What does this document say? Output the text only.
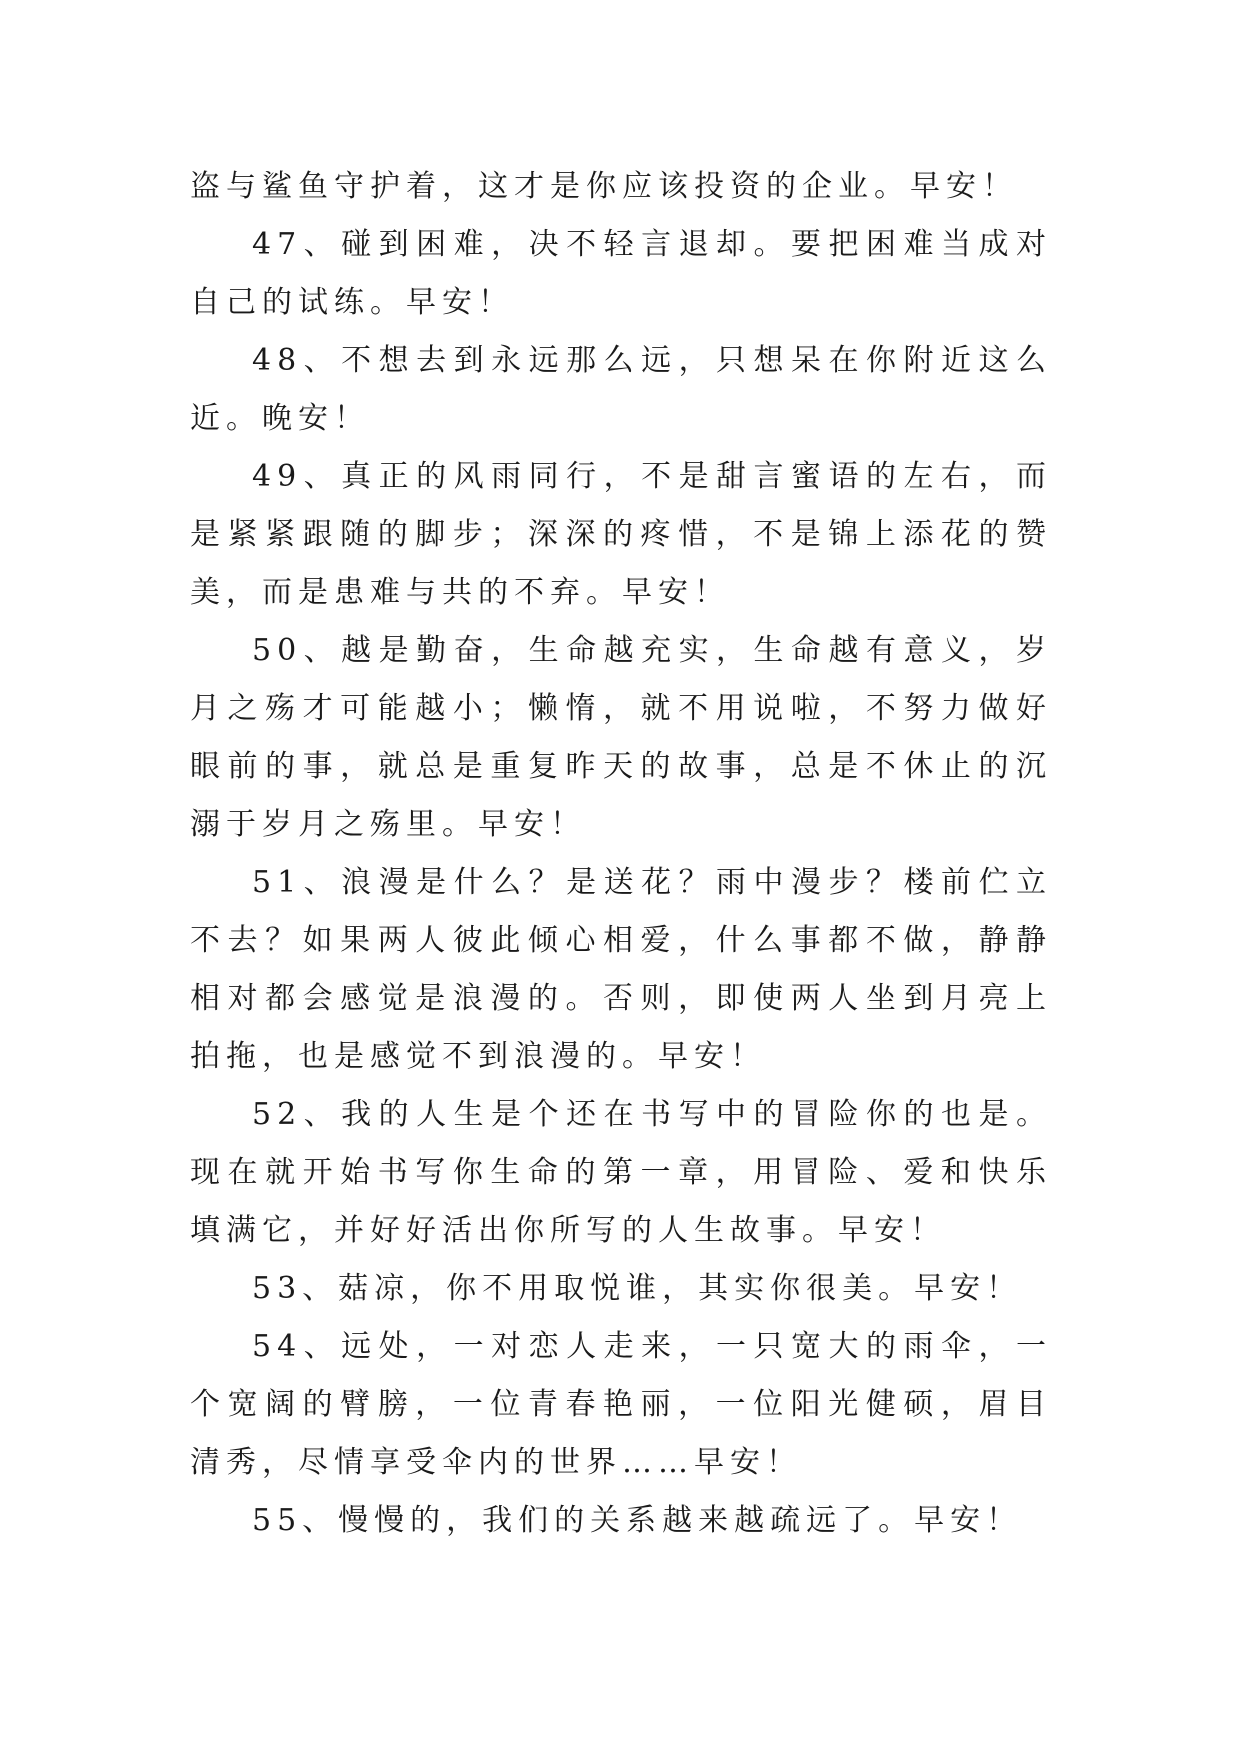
盗与鲨鱼守护着，这才是你应该投资的企业。早安！

47、碰到困难，决不轻言退却。要把困难当成对自己的试练。早安！

48、不想去到永远那么远，只想呆在你附近这么近。晚安！

49、真正的风雨同行，不是甜言蜜语的左右，而是紧紧跟随的脚步；深深的疼惜，不是锦上添花的赞美，而是患难与共的不弃。早安！

50、越是勤奋，生命越充实，生命越有意义，岁月之殇才可能越小；懒惰，就不用说啦，不努力做好眼前的事，就总是重复昨天的故事，总是不休止的沉溺于岁月之殇里。早安！

51、浪漫是什么？是送花？雨中漫步？楼前伫立不去？如果两人彼此倾心相爱，什么事都不做，静静相对都会感觉是浪漫的。否则，即使两人坐到月亮上拍拖，也是感觉不到浪漫的。早安！

52、我的人生是个还在书写中的冒险你的也是。现在就开始书写你生命的第一章，用冒险、爱和快乐填满它，并好好活出你所写的人生故事。早安！

53、菇凉，你不用取悦谁，其实你很美。早安！

54、远处，一对恋人走来，一只宽大的雨伞，一个宽阔的臂膀，一位青春艳丽，一位阳光健硕，眉目清秀，尽情享受伞内的世界……早安！

55、慢慢的，我们的关系越来越疏远了。早安！
